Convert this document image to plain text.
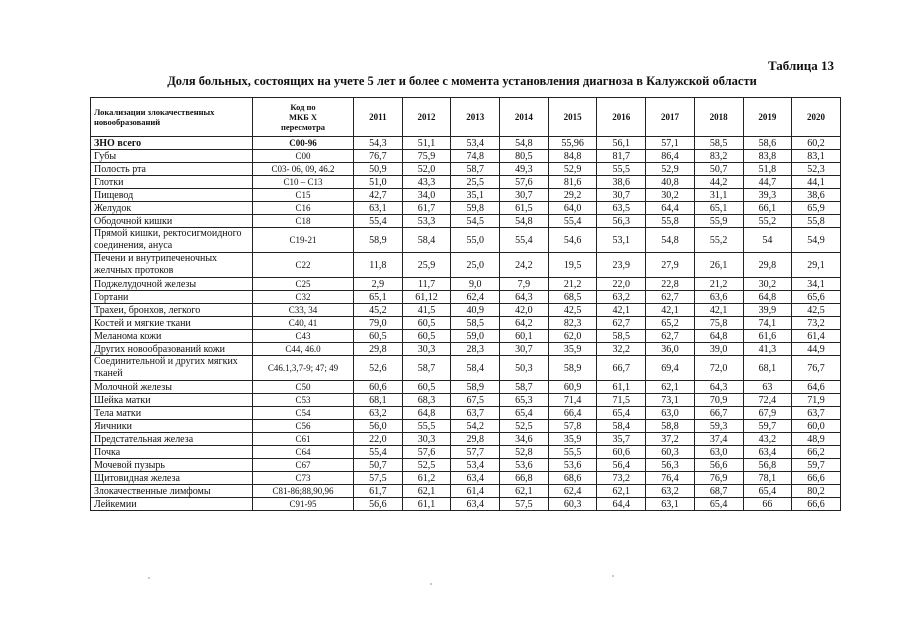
Таблица 13
Доля больных, состоящих на учете 5 лет и более с момента установления диагноза в Калужской области
Локализации злокачественных новообразований	Код по
МКБ Х
пересмотра	2011	2012	2013	2014	2015	2016	2017	2018	2019	2020
ЗНО всего	С00-96	54,3	51,1	53,4	54,8	55,96	56,1	57,1	58,5	58,6	60,2
Губы	С00	76,7	75,9	74,8	80,5	84,8	81,7	86,4	83,2	83,8	83,1
Полость рта	С03- 06, 09, 46.2	50,9	52,0	58,7	49,3	52,9	55,5	52,9	50,7	51,8	52,3
Глотки	С10 – С13	51,0	43,3	25,5	57,6	81,6	38,6	40,8	44,2	44,7	44,1
Пищевод	С15	42,7	34,0	35,1	30,7	29,2	30,7	30,2	31,1	39,3	38,6
Желудок	С16	63,1	61,7	59,8	61,5	64,0	63,5	64,4	65,1	66,1	65,9
Ободочной кишки	С18	55,4	53,3	54,5	54,8	55,4	56,3	55,8	55,9	55,2	55,8
Прямой кишки, ректосигмоидного соединения, ануса	С19-21	58,9	58,4	55,0	55,4	54,6	53,1	54,8	55,2	54	54,9
Печени и внутрипеченочных желчных протоков	С22	11,8	25,9	25,0	24,2	19,5	23,9	27,9	26,1	29,8	29,1
Поджелудочной железы	С25	2,9	11,7	9,0	7,9	21,2	22,0	22,8	21,2	30,2	34,1
Гортани	С32	65,1	61,12	62,4	64,3	68,5	63,2	62,7	63,6	64,8	65,6
Трахеи, бронхов, легкого	С33, 34	45,2	41,5	40,9	42,0	42,5	42,1	42,1	42,1	39,9	42,5
Костей и мягкие ткани	С40, 41	79,0	60,5	58,5	64,2	82,3	62,7	65,2	75,8	74,1	73,2
Меланома кожи	С43	60,5	60,5	59,0	60,1	62,0	58,5	62,7	64,8	61,6	61,4
Других новообразований кожи	С44, 46.0	29,8	30,3	28,3	30,7	35,9	32,2	36,0	39,0	41,3	44,9
Соединительной и других мягких тканей	С46.1,3,7-9; 47; 49	52,6	58,7	58,4	50,3	58,9	66,7	69,4	72,0	68,1	76,7
Молочной железы	С50	60,6	60,5	58,9	58,7	60,9	61,1	62,1	64,3	63	64,6
Шейка матки	С53	68,1	68,3	67,5	65,3	71,4	71,5	73,1	70,9	72,4	71,9
Тела матки	С54	63,2	64,8	63,7	65,4	66,4	65,4	63,0	66,7	67,9	63,7
Яичники	С56	56,0	55,5	54,2	52,5	57,8	58,4	58,8	59,3	59,7	60,0
Предстательная железа	С61	22,0	30,3	29,8	34,6	35,9	35,7	37,2	37,4	43,2	48,9
Почка	С64	55,4	57,6	57,7	52,8	55,5	60,6	60,3	63,0	63,4	66,2
Мочевой пузырь	С67	50,7	52,5	53,4	53,6	53,6	56,4	56,3	56,6	56,8	59,7
Щитовидная железа	С73	57,5	61,2	63,4	66,8	68,6	73,2	76,4	76,9	78,1	66,6
Злокачественные лимфомы	С81-86;88,90,96	61,7	62,1	61,4	62,1	62,4	62,1	63,2	68,7	65,4	80,2
Лейкемии	С91-95	56,6	61,1	63,4	57,5	60,3	64,4	63,1	65,4	66	66,6
